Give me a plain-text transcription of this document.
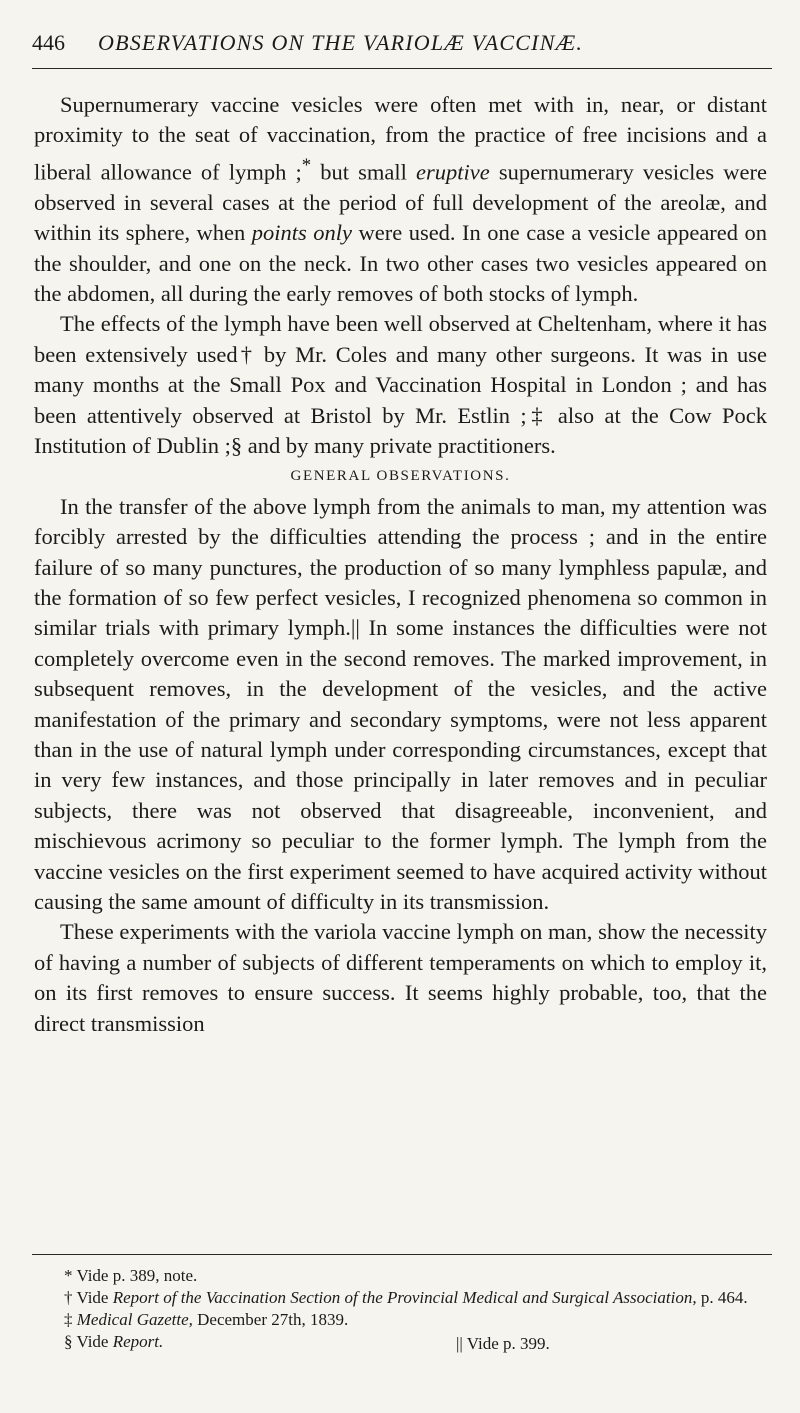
446 OBSERVATIONS ON THE VARIOLÆ VACCINÆ.

Supernumerary vaccine vesicles were often met with in, near, or distant proximity to the seat of vaccination, from the practice of free incisions and a liberal allowance of lymph ;* but small eruptive supernumerary vesicles were observed in several cases at the period of full development of the areolæ, and within its sphere, when points only were used. In one case a vesicle appeared on the shoulder, and one on the neck. In two other cases two vesicles appeared on the abdomen, all during the early removes of both stocks of lymph.

The effects of the lymph have been well observed at Cheltenham, where it has been extensively used† by Mr. Coles and many other surgeons. It was in use many months at the Small Pox and Vaccination Hospital in London ; and has been attentively observed at Bristol by Mr. Estlin ;‡ also at the Cow Pock Institution of Dublin ;§ and by many private practitioners.

GENERAL OBSERVATIONS.

In the transfer of the above lymph from the animals to man, my attention was forcibly arrested by the difficulties attending the process ; and in the entire failure of so many punctures, the production of so many lymphless papulæ, and the formation of so few perfect vesicles, I recognized phenomena so common in similar trials with primary lymph.|| In some instances the difficulties were not completely overcome even in the second removes. The marked improvement, in subsequent removes, in the development of the vesicles, and the active manifestation of the primary and secondary symptoms, were not less apparent than in the use of natural lymph under corresponding circumstances, except that in very few instances, and those principally in later removes and in peculiar subjects, there was not observed that disagreeable, inconvenient, and mischievous acrimony so peculiar to the former lymph. The lymph from the vaccine vesicles on the first experiment seemed to have acquired activity without causing the same amount of difficulty in its transmission.

These experiments with the variola vaccine lymph on man, show the necessity of having a number of subjects of different temperaments on which to employ it, on its first removes to ensure success. It seems highly probable, too, that the direct transmission

* Vide p. 389, note.

† Vide Report of the Vaccination Section of the Provincial Medical and Surgical Association, p. 464.

‡ Medical Gazette, December 27th, 1839.

§ Vide Report.	|| Vide p. 399.
